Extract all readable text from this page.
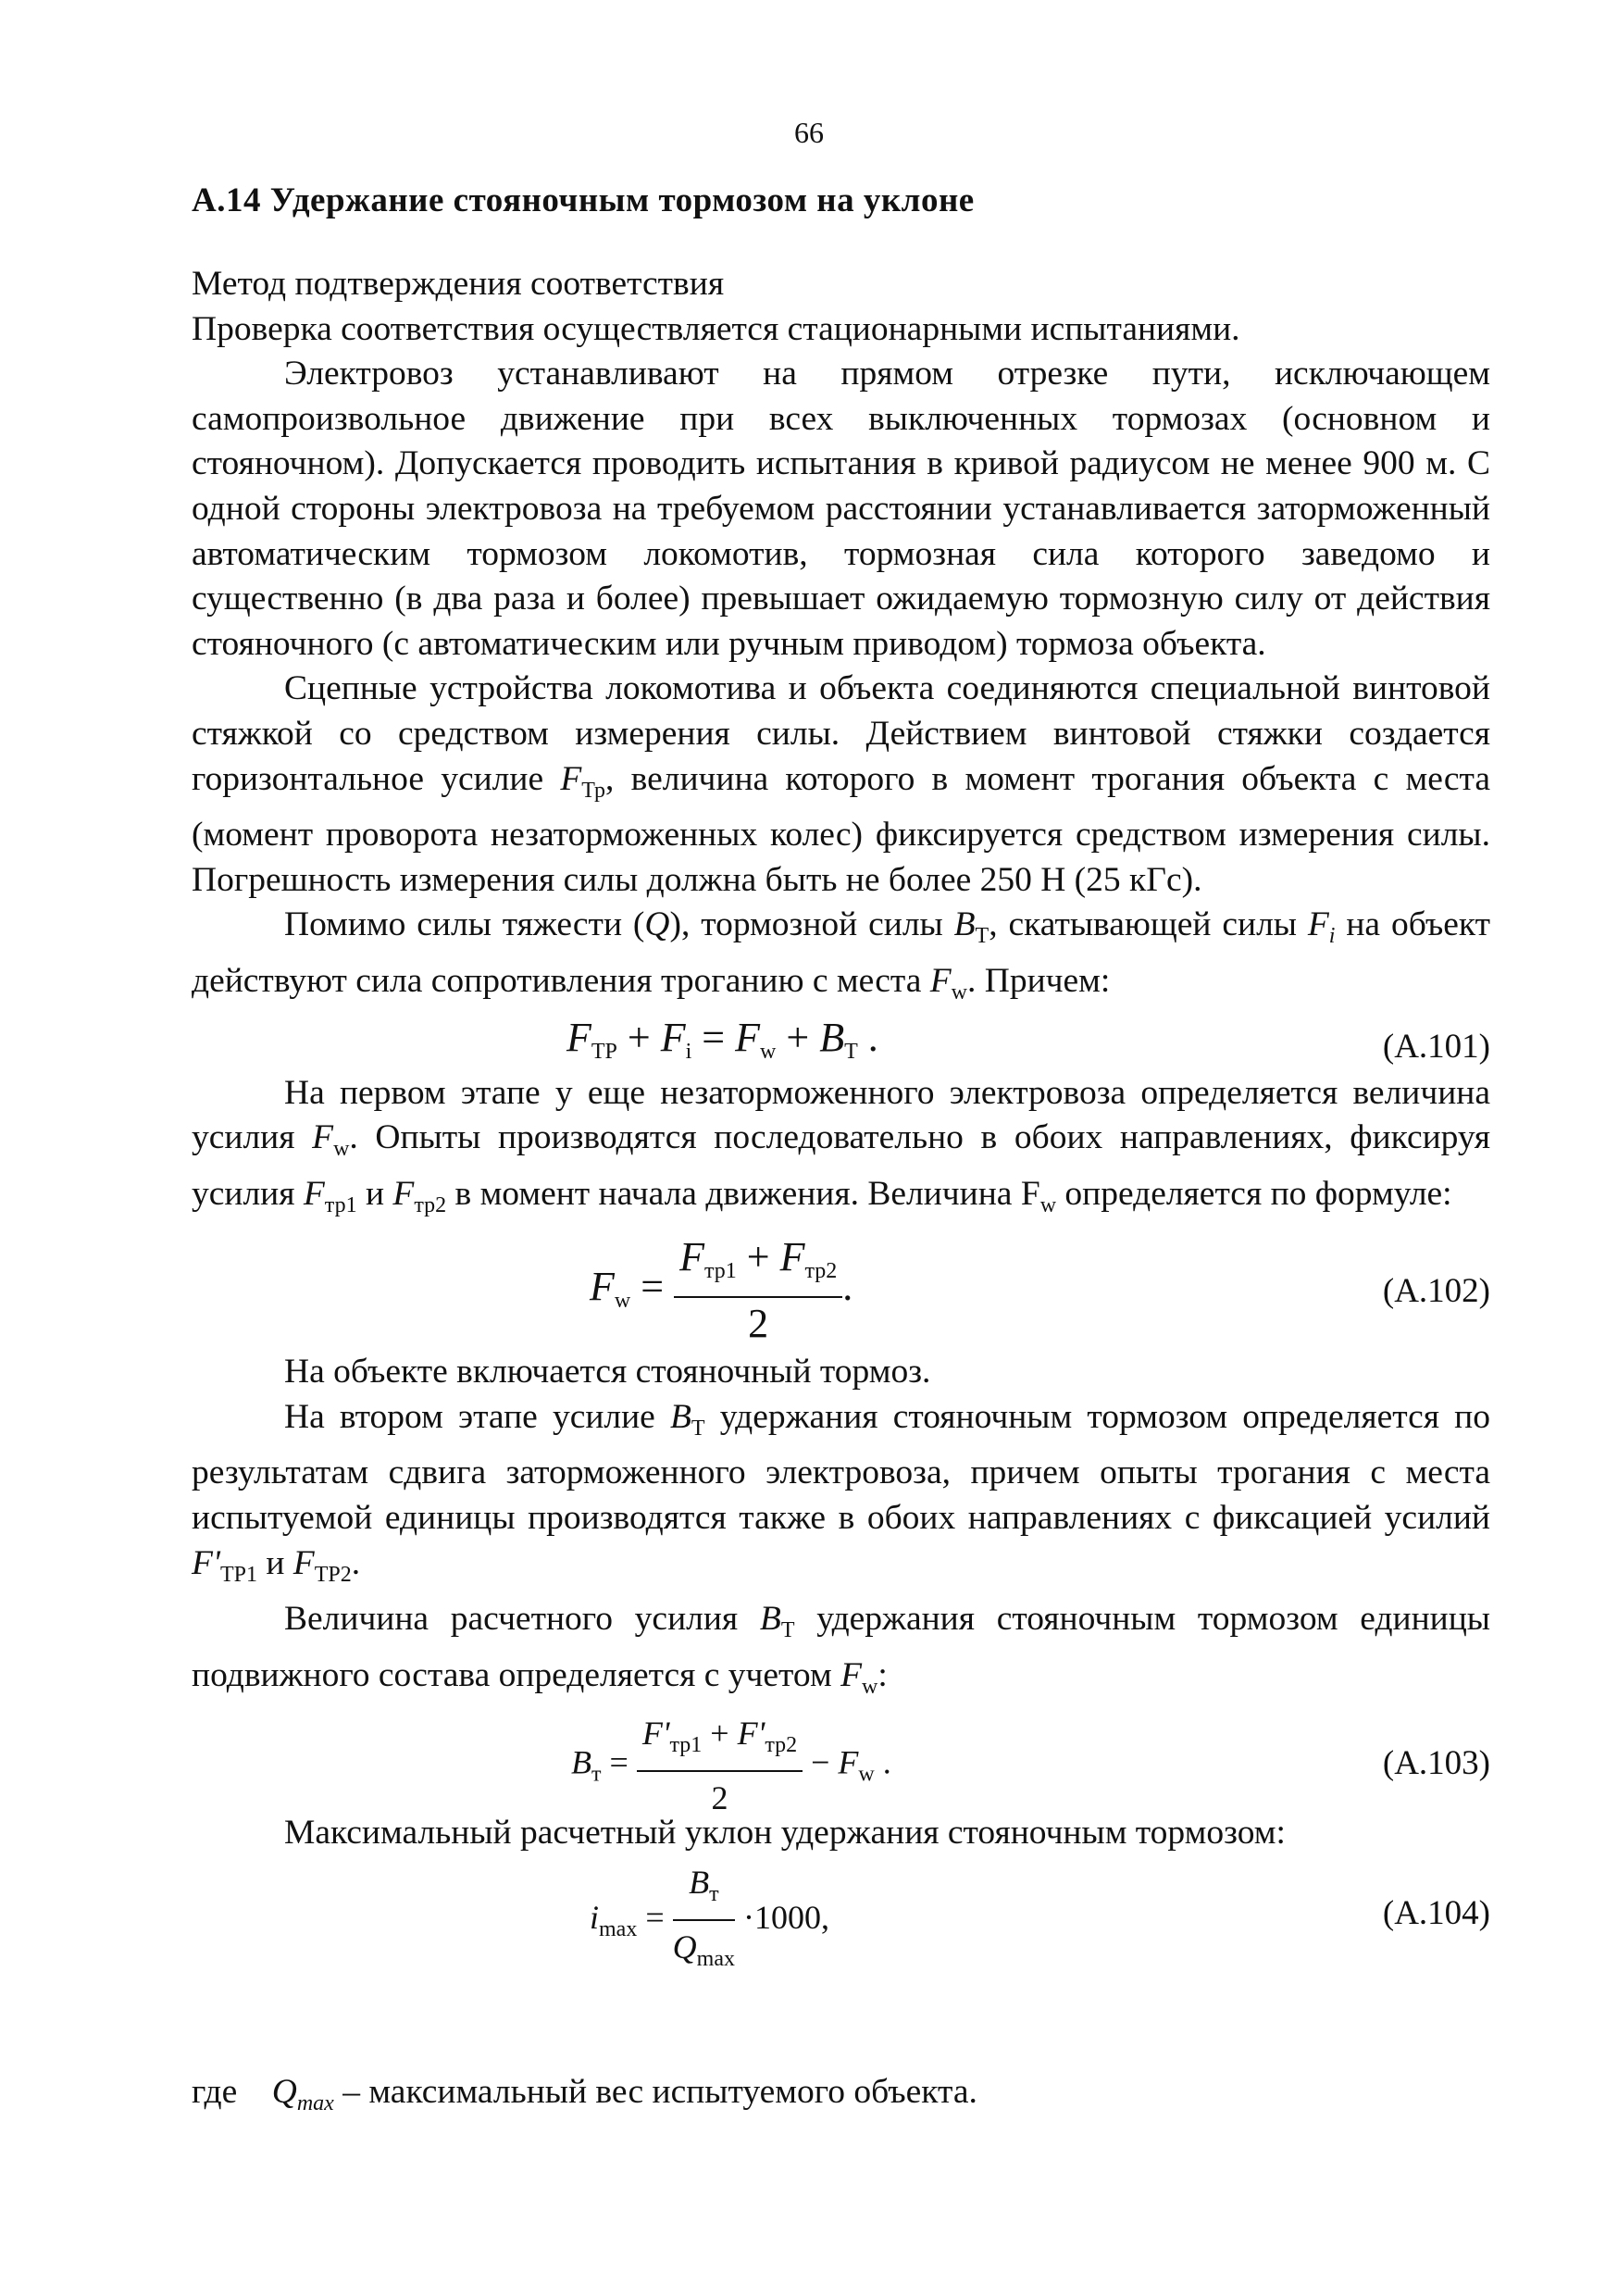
66
А.14 Удержание стояночным тормозом на уклоне

Метод подтверждения соответствия

Проверка соответствия осуществляется стационарными испытаниями.

Электровоз устанавливают на прямом отрезке пути, исключающем самопроизвольное движение при всех выключенных тормозах (основном и стояночном). Допускается проводить испытания в кривой радиусом не менее 900 м. С одной стороны электровоза на требуемом расстоянии устанавливается заторможенный автоматическим тормозом локомотив, тормозная сила которого заведомо и существенно (в два раза и более) превышает ожидаемую тормозную силу от действия стояночного (с автоматическим или ручным приводом) тормоза объекта.

Сцепные устройства локомотива и объекта соединяются специальной винтовой стяжкой со средством измерения силы. Действием винтовой стяжки создается горизонтальное усилие $F_{Тр}$, величина которого в момент трогания объекта с места (момент проворота незаторможенных колес) фиксируется средством измерения силы. Погрешность измерения силы должна быть не более 250 Н (25 кГс).

Помимо силы тяжести (Q), тормозной силы $B_Т$, скатывающей силы $F_i$ на объект действуют сила сопротивления троганию с места $F_w$. Причем:

$F_{ТР} + F_i = F_w + B_Т$ .	(А.101)

На первом этапе у еще незаторможенного электровоза определяется величина усилия $F_w$. Опыты производятся последовательно в обоих направлениях, фиксируя усилия $F_{тр1}$ и $F_{тр2}$ в момент начала движения. Величина $F_w$ определяется по формуле:

$F_w = \frac{F_{тр1} + F_{тр2}}{2}$ .	(А.102)

На объекте включается стояночный тормоз.

На втором этапе усилие $B_Т$ удержания стояночным тормозом определяется по результатам сдвига заторможенного электровоза, причем опыты трогания с места испытуемой единицы производятся также в обоих направлениях с фиксацией усилий $F'_{ТР1}$ и $F_{ТР2}$.

Величина расчетного усилия $B_Т$ удержания стояночным тормозом единицы подвижного состава определяется с учетом $F_w$:

$B_т = \frac{F'_{тр1} + F'_{тр2}}{2} - F_w$ .	(А.103)

Максимальный расчетный уклон удержания стояночным тормозом:

$i_{max} = \frac{B_т}{Q_{max}} \cdot 1000$,	(А.104)
где $Q_{max}$ – максимальный вес испытуемого объекта.
